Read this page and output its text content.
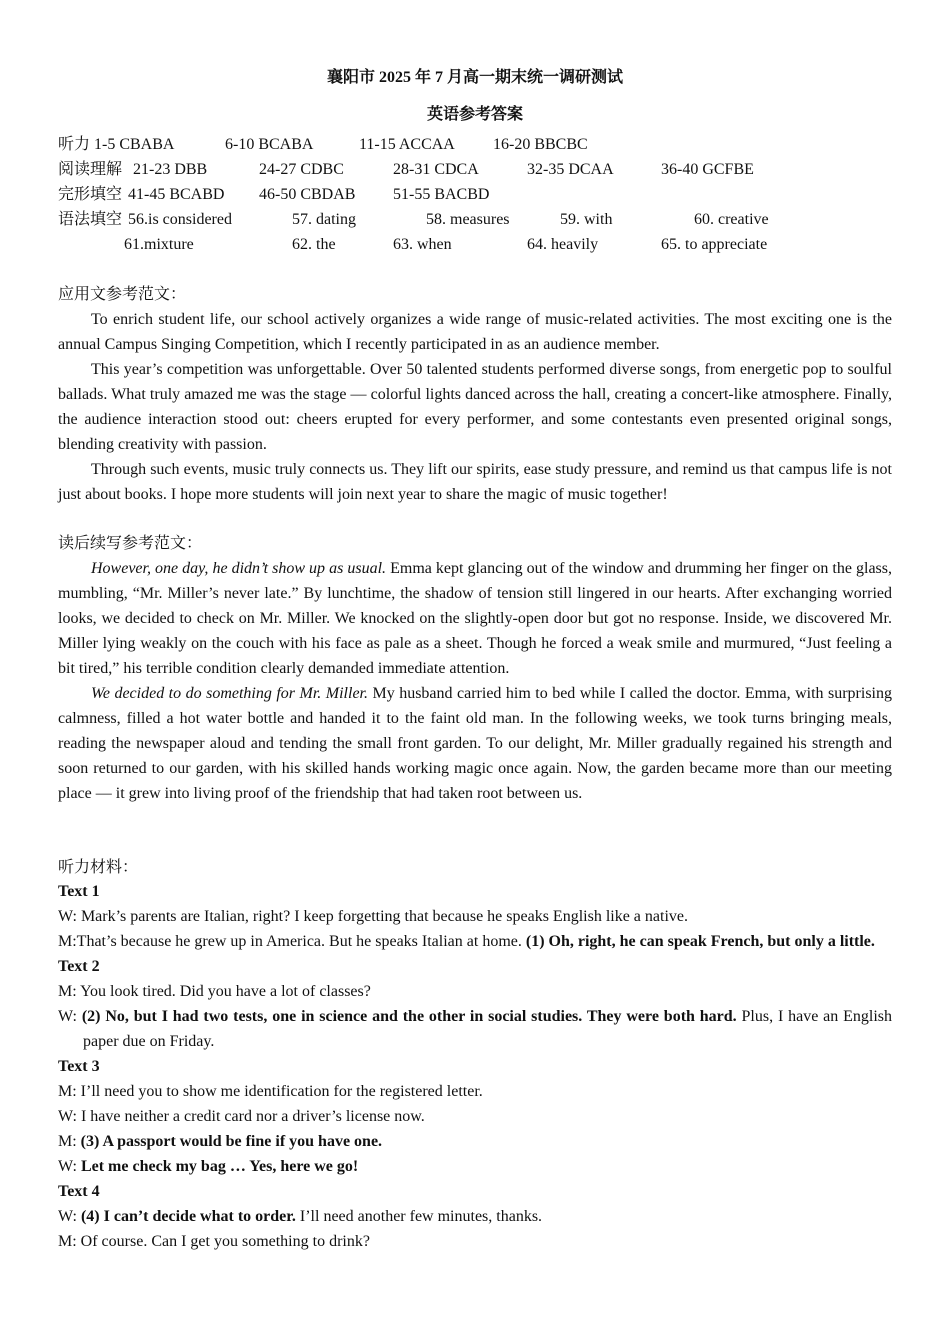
襄阳市 2025 年 7 月高一期末统一调研测试
英语参考答案
听力 1-5 CBABA	6-10 BCABA	11-15 ACCAA 16-20 BBCBC
阅读理解 21-23 DBB	24-27 CDBC	28-31 CDCA	32-35 DCAA	36-40 GCFBE
完形填空 41-45 BCABD 46-50 CBDAB 51-55 BACBD
语法填空 56.is considered	57. dating	58. measures	59. with	60. creative
61.mixture	62. the	63. when	64. heavily	65. to appreciate
应用文参考范文：

To enrich student life, our school actively organizes a wide range of music-related activities. The most exciting one is the annual Campus Singing Competition, which I recently participated in as an audience member.

This year’s competition was unforgettable. Over 50 talented students performed diverse songs, from energetic pop to soulful ballads. What truly amazed me was the stage — colorful lights danced across the hall, creating a concert-like atmosphere. Finally, the audience interaction stood out: cheers erupted for every performer, and some contestants even presented original songs, blending creativity with passion.

Through such events, music truly connects us. They lift our spirits, ease study pressure, and remind us that campus life is not just about books. I hope more students will join next year to share the magic of music together!

读后续写参考范文：

However, one day, he didn’t show up as usual. Emma kept glancing out of the window and drumming her finger on the glass, mumbling, “Mr. Miller’s never late.” By lunchtime, the shadow of tension still lingered in our hearts. After exchanging worried looks, we decided to check on Mr. Miller. We knocked on the slightly-open door but got no response. Inside, we discovered Mr. Miller lying weakly on the couch with his face as pale as a sheet. Though he forced a weak smile and murmured, “Just feeling a bit tired,” his terrible condition clearly demanded immediate attention.

We decided to do something for Mr. Miller. My husband carried him to bed while I called the doctor. Emma, with surprising calmness, filled a hot water bottle and handed it to the faint old man. In the following weeks, we took turns bringing meals, reading the newspaper aloud and tending the small front garden. To our delight, Mr. Miller gradually regained his strength and soon returned to our garden, with his skilled hands working magic once again. Now, the garden became more than our meeting place — it grew into living proof of the friendship that had taken root between us.

听力材料：
Text 1
W: Mark’s parents are Italian, right? I keep forgetting that because he speaks English like a native.
M:That’s because he grew up in America. But he speaks Italian at home. (1) Oh, right, he can speak French, but only a little.
Text 2
M: You look tired. Did you have a lot of classes?
W: (2) No, but I had two tests, one in science and the other in social studies. They were both hard. Plus, I have an English paper due on Friday.
Text 3
M: I’ll need you to show me identification for the registered letter.
W: I have neither a credit card nor a driver’s license now.
M: (3) A passport would be fine if you have one.
W: Let me check my bag … Yes, here we go!
Text 4
W: (4) I can’t decide what to order. I’ll need another few minutes, thanks.
M: Of course. Can I get you something to drink?
